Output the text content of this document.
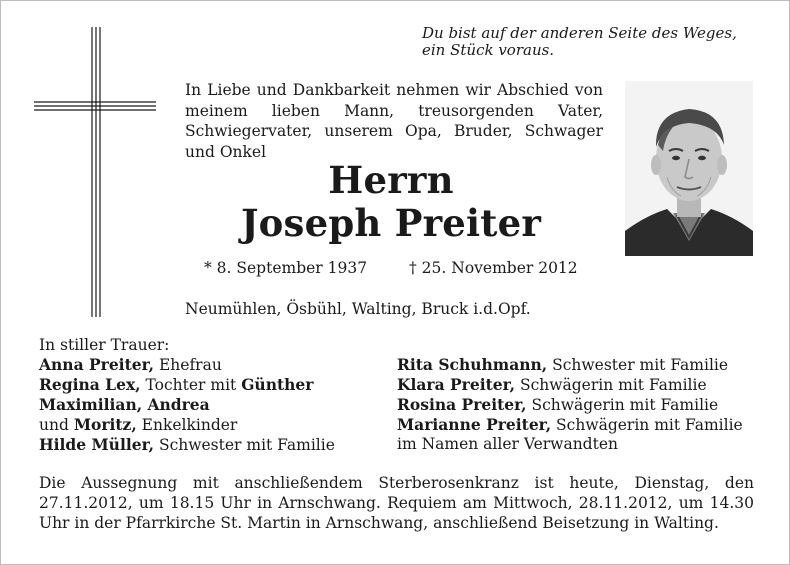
Du bist auf der anderen Seite des Weges,
ein Stück voraus.
In Liebe und Dankbarkeit nehmen wir Abschied von meinem lieben Mann, treusorgenden Vater, Schwiegervater, unserem Opa, Bruder, Schwager und Onkel
Herrn
Joseph Preiter
* 8. September 1937	† 25. November 2012
Neumühlen, Ösbühl, Walting, Bruck i.d.Opf.
In stiller Trauer:
Anna Preiter, Ehefrau
Regina Lex, Tochter mit Günther
Maximilian, Andrea
und Moritz, Enkelkinder
Hilde Müller, Schwester mit Familie
Rita Schuhmann, Schwester mit Familie
Klara Preiter, Schwägerin mit Familie
Rosina Preiter, Schwägerin mit Familie
Marianne Preiter, Schwägerin mit Familie
im Namen aller Verwandten
Die Aussegnung mit anschließendem Sterberosenkranz ist heute, Dienstag, den 27.11.2012, um 18.15 Uhr in Arnschwang. Requiem am Mittwoch, 28.11.2012, um 14.30 Uhr in der Pfarrkirche St. Martin in Arnschwang, anschließend Beisetzung in Walting.
